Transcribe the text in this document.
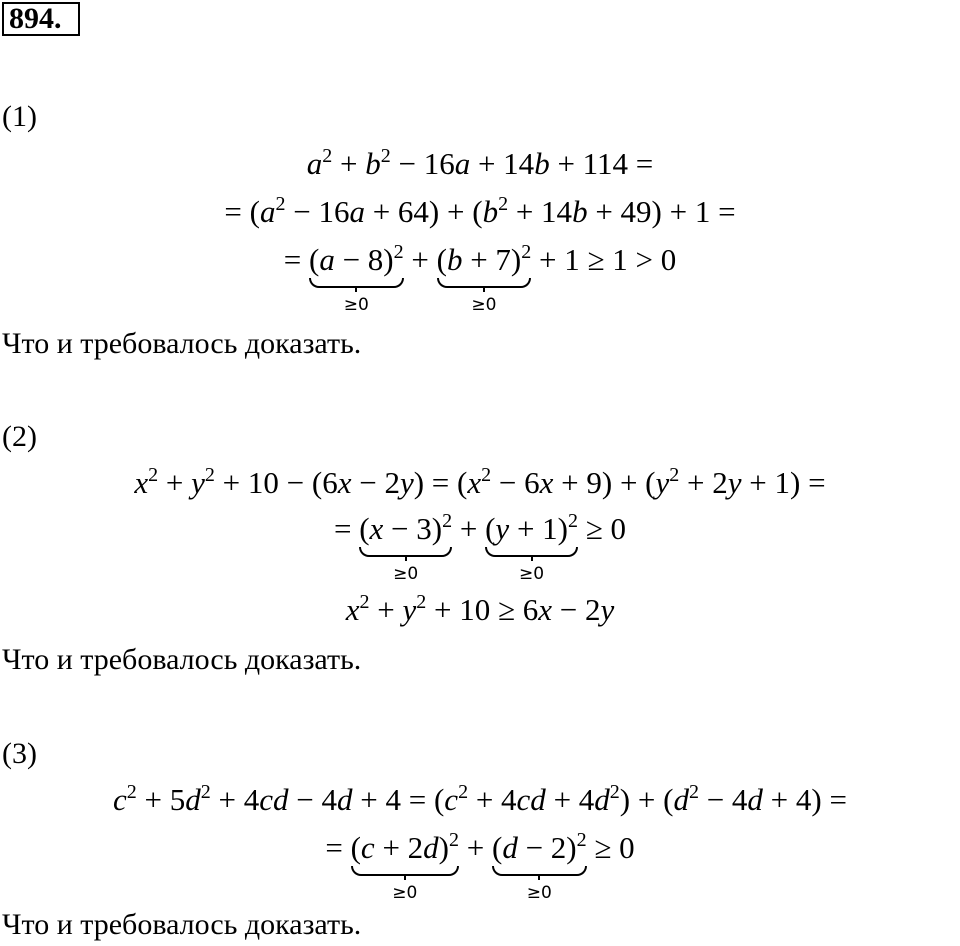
894.
(1)
$a^2 + b^2 - 16a + 14b + 114$ =
= $(a^2 - 16a + 64) + (b^2 + 14b + 49) + 1$ =
= $(a - 8)^2$
≥0
+ $(b + 7)^2$
≥0
+ 1 ≥ 1 > 0
Что и требовалось доказать.
(2)
$x^2 + y^2 + 10 - (6x - 2y) = (x^2 - 6x + 9) + (y^2 + 2y + 1)$ =
= $(x - 3)^2$
≥0
+ $(y + 1)^2$
≥0
≥ 0
$x^2 + y^2 + 10 \ge 6x - 2y$
Что и требовалось доказать.
(3)
$c^2 + 5d^2 + 4cd - 4d + 4 = (c^2 + 4cd + 4d^2) + (d^2 - 4d + 4)$ =
= $(c + 2d)^2$
≥0
+ $(d - 2)^2$
≥0
≥ 0
Что и требовалось доказать.
